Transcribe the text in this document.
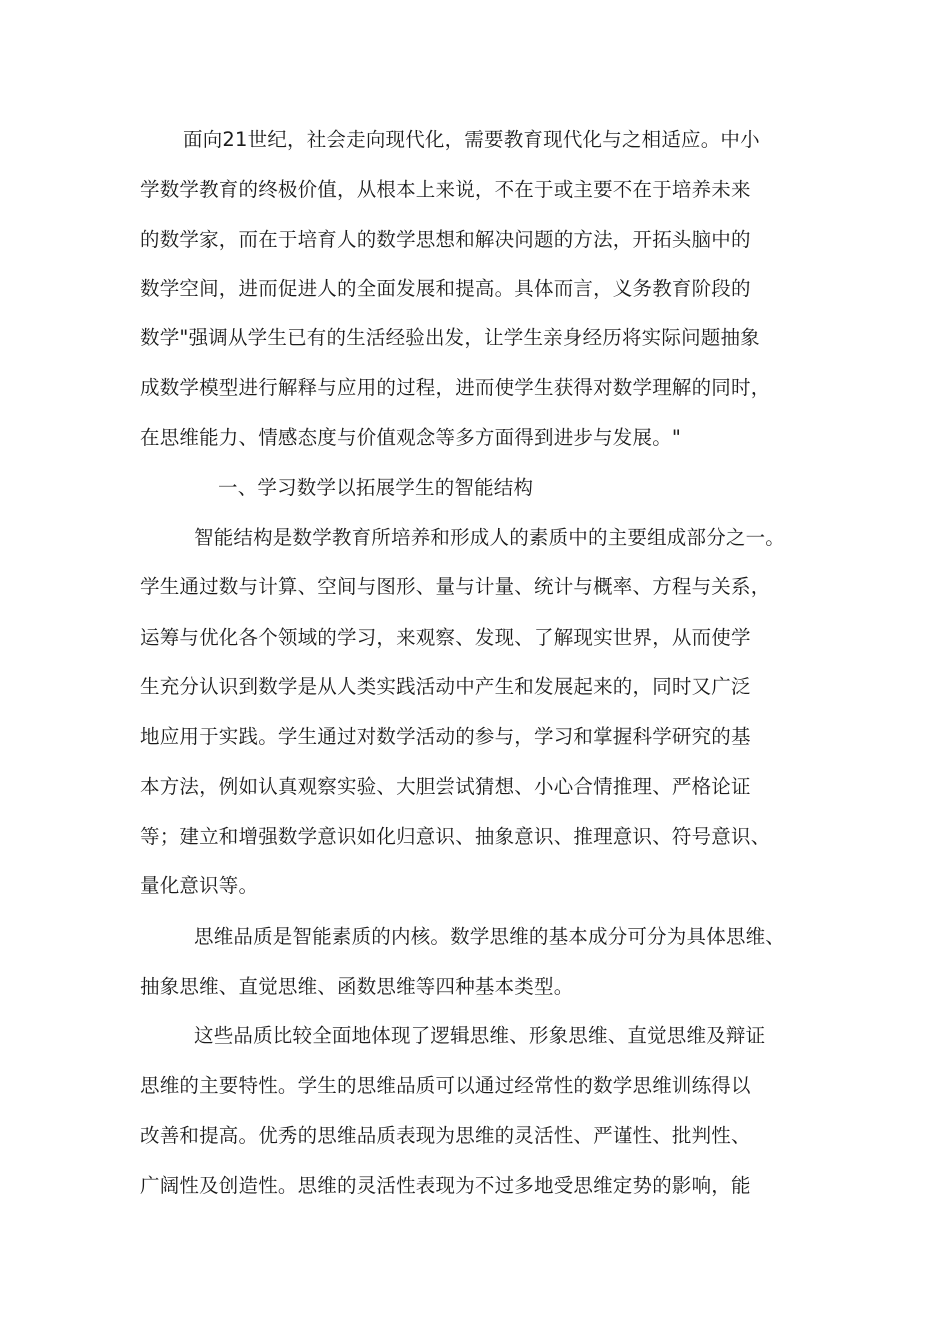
面向21世纪，社会走向现代化，需要教育现代化与之相适应。中小
学数学教育的终极价值，从根本上来说，不在于或主要不在于培养未来
的数学家，而在于培育人的数学思想和解决问题的方法，开拓头脑中的
数学空间，进而促进人的全面发展和提高。具体而言，义务教育阶段的
数学"强调从学生已有的生活经验出发，让学生亲身经历将实际问题抽象
成数学模型进行解释与应用的过程，进而使学生获得对数学理解的同时，
在思维能力、情感态度与价值观念等多方面得到进步与发展。"
一、学习数学以拓展学生的智能结构
智能结构是数学教育所培养和形成人的素质中的主要组成部分之一。
学生通过数与计算、空间与图形、量与计量、统计与概率、方程与关系，
运筹与优化各个领域的学习，来观察、发现、了解现实世界，从而使学
生充分认识到数学是从人类实践活动中产生和发展起来的，同时又广泛
地应用于实践。学生通过对数学活动的参与，学习和掌握科学研究的基
本方法，例如认真观察实验、大胆尝试猜想、小心合情推理、严格论证
等；建立和增强数学意识如化归意识、抽象意识、推理意识、符号意识、
量化意识等。
思维品质是智能素质的内核。数学思维的基本成分可分为具体思维、
抽象思维、直觉思维、函数思维等四种基本类型。
这些品质比较全面地体现了逻辑思维、形象思维、直觉思维及辩证
思维的主要特性。学生的思维品质可以通过经常性的数学思维训练得以
改善和提高。优秀的思维品质表现为思维的灵活性、严谨性、批判性、
广阔性及创造性。思维的灵活性表现为不过多地受思维定势的影响，能
